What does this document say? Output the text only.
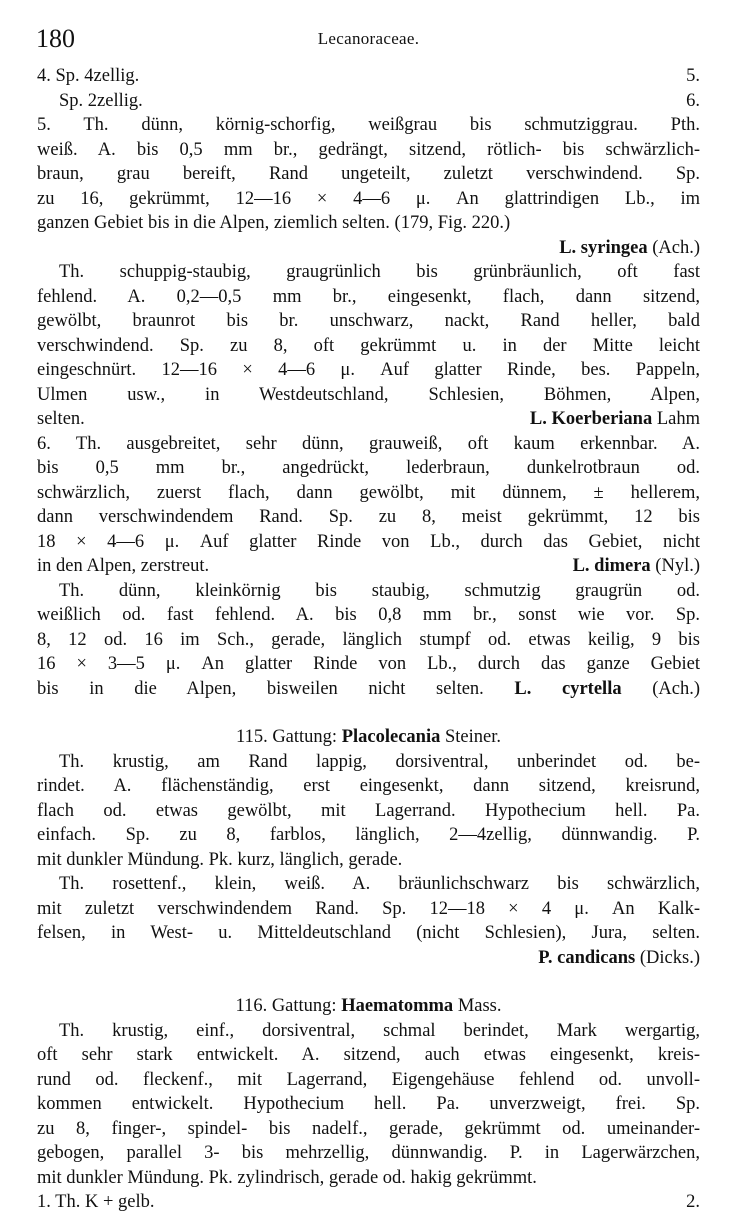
180	Lecanoraceae.
4. Sp. 4zellig.	5.
Sp. 2zellig.	6.
5. Th. dünn, körnig-schorfig, weißgrau bis schmutziggrau. Pth.
weiß. A. bis 0,5 mm br., gedrängt, sitzend, rötlich- bis schwärzlich-
braun, grau bereift, Rand ungeteilt, zuletzt verschwindend. Sp.
zu 16, gekrümmt, 12—16 × 4—6 μ. An glattrindigen Lb., im
ganzen Gebiet bis in die Alpen, ziemlich selten. (179, Fig. 220.)
L. syringea (Ach.)
Th. schuppig-staubig, graugrünlich bis grünbräunlich, oft fast
fehlend. A. 0,2—0,5 mm br., eingesenkt, flach, dann sitzend,
gewölbt, braunrot bis br. unschwarz, nackt, Rand heller, bald
verschwindend. Sp. zu 8, oft gekrümmt u. in der Mitte leicht
eingeschnürt. 12—16 × 4—6 μ. Auf glatter Rinde, bes. Pappeln,
Ulmen usw., in Westdeutschland, Schlesien, Böhmen, Alpen,
selten.	L. Koerberiana Lahm
6. Th. ausgebreitet, sehr dünn, grauweiß, oft kaum erkennbar. A.
bis 0,5 mm br., angedrückt, lederbraun, dunkelrotbraun od.
schwärzlich, zuerst flach, dann gewölbt, mit dünnem, ± hellerem,
dann verschwindendem Rand. Sp. zu 8, meist gekrümmt, 12 bis
18 × 4—6 μ. Auf glatter Rinde von Lb., durch das Gebiet, nicht
in den Alpen, zerstreut.	L. dimera (Nyl.)
Th. dünn, kleinkörnig bis staubig, schmutzig graugrün od.
weißlich od. fast fehlend. A. bis 0,8 mm br., sonst wie vor. Sp.
8, 12 od. 16 im Sch., gerade, länglich stumpf od. etwas keilig, 9 bis
16 × 3—5 μ. An glatter Rinde von Lb., durch das ganze Gebiet
bis in die Alpen, bisweilen nicht selten. L. cyrtella (Ach.)
115. Gattung: Placolecania Steiner.
Th. krustig, am Rand lappig, dorsiventral, unberindet od. be-
rindet. A. flächenständig, erst eingesenkt, dann sitzend, kreisrund,
flach od. etwas gewölbt, mit Lagerrand. Hypothecium hell. Pa.
einfach. Sp. zu 8, farblos, länglich, 2—4zellig, dünnwandig. P.
mit dunkler Mündung. Pk. kurz, länglich, gerade.
Th. rosettenf., klein, weiß. A. bräunlichschwarz bis schwärzlich,
mit zuletzt verschwindendem Rand. Sp. 12—18 × 4 μ. An Kalk-
felsen, in West- u. Mitteldeutschland (nicht Schlesien), Jura, selten.
P. candicans (Dicks.)
116. Gattung: Haematomma Mass.
Th. krustig, einf., dorsiventral, schmal berindet, Mark wergartig,
oft sehr stark entwickelt. A. sitzend, auch etwas eingesenkt, kreis-
rund od. fleckenf., mit Lagerrand, Eigengehäuse fehlend od. unvoll-
kommen entwickelt. Hypothecium hell. Pa. unverzweigt, frei. Sp.
zu 8, finger-, spindel- bis nadelf., gerade, gekrümmt od. umeinander-
gebogen, parallel 3- bis mehrzellig, dünnwandig. P. in Lagerwärzchen,
mit dunkler Mündung. Pk. zylindrisch, gerade od. hakig gekrümmt.
1. Th. K + gelb.	2.
